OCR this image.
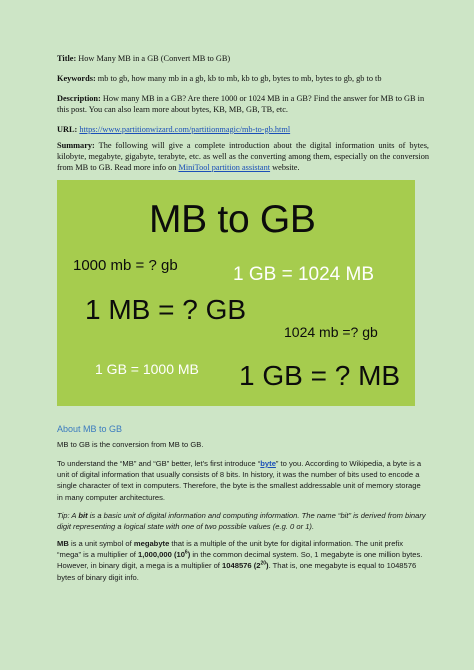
Title: How Many MB in a GB (Convert MB to GB)
Keywords: mb to gb, how many mb in a gb, kb to mb, kb to gb, bytes to mb, bytes to gb, gb to tb
Description: How many MB in a GB? Are there 1000 or 1024 MB in a GB? Find the answer for MB to GB in this post. You can also learn more about bytes, KB, MB, GB, TB, etc.
URL: https://www.partitionwizard.com/partitionmagic/mb-to-gb.html
Summary: The following will give a complete introduction about the digital information units of bytes, kilobyte, megabyte, gigabyte, terabyte, etc. as well as the converting among them, especially on the conversion from MB to GB. Read more info on MiniTool partition assistant website.
MB to GB
1000 mb = ? gb	1 GB = 1024 MB
1 MB = ? GB
1024 mb =? gb
1 GB = 1000 MB 1 GB = ? MB
About MB to GB
MB to GB is the conversion from MB to GB.
To understand the “MB” and “GB” better, let’s first introduce “byte” to you. According to Wikipedia, a byte is a unit of digital information that usually consists of 8 bits. In history, it was the number of bits used to encode a single character of text in computers. Therefore, the byte is the smallest addressable unit of memory storage in many computer architectures.
Tip: A bit is a basic unit of digital information and computing information. The name “bit” is derived from binary digit representing a logical state with one of two possible values (e.g. 0 or 1).
MB is a unit symbol of megabyte that is a multiple of the unit byte for digital information. The unit prefix “mega” is a multiplier of 1,000,000 $(10^6)$ in the common decimal system. So, 1 megabyte is one million bytes. However, in binary digit, a mega is a multiplier of 1048576 $(2^{20})$. That is, one megabyte is equal to 1048576 bytes of binary digit info.
